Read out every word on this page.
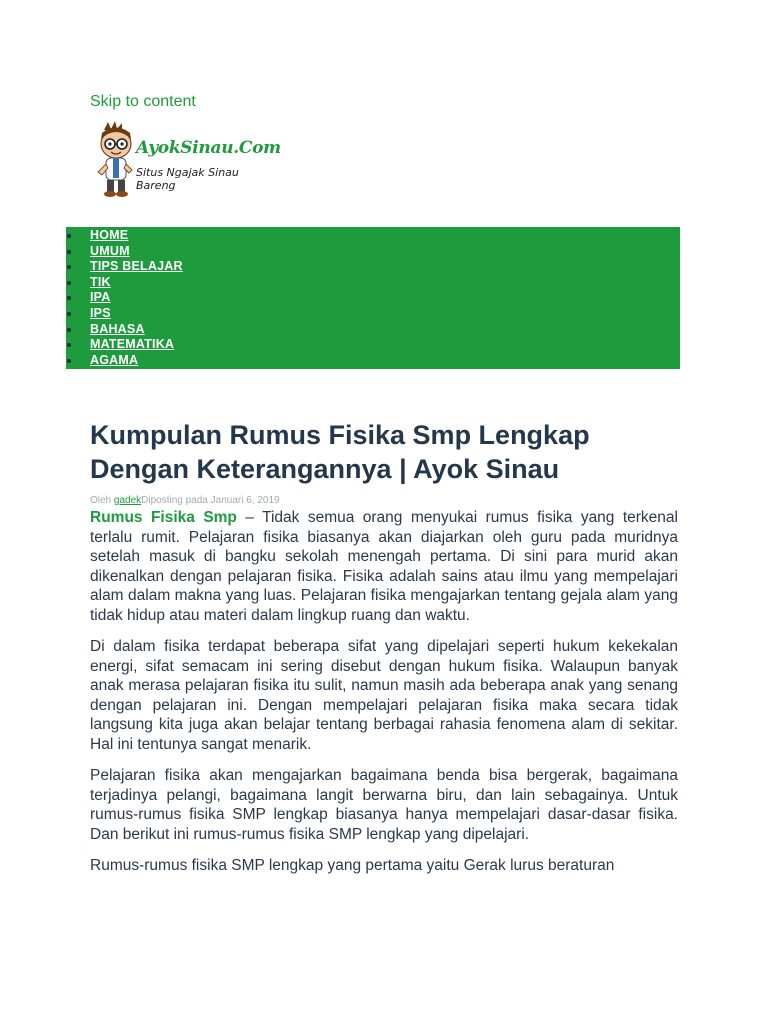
Skip to content
AyokSinau.Com
Situs Ngajak Sinau Bareng
HOME
UMUM
TIPS BELAJAR
TIK
IPA
IPS
BAHASA
MATEMATIKA
AGAMA
Kumpulan Rumus Fisika Smp Lengkap Dengan Keterangannya | Ayok Sinau
Oleh gadekDiposting pada Januari 6, 2019

Rumus Fisika Smp – Tidak semua orang menyukai rumus fisika yang terkenal terlalu rumit. Pelajaran fisika biasanya akan diajarkan oleh guru pada muridnya setelah masuk di bangku sekolah menengah pertama. Di sini para murid akan dikenalkan dengan pelajaran fisika. Fisika adalah sains atau ilmu yang mempelajari alam dalam makna yang luas. Pelajaran fisika mengajarkan tentang gejala alam yang tidak hidup atau materi dalam lingkup ruang dan waktu.

Di dalam fisika terdapat beberapa sifat yang dipelajari seperti hukum kekekalan energi, sifat semacam ini sering disebut dengan hukum fisika. Walaupun banyak anak merasa pelajaran fisika itu sulit, namun masih ada beberapa anak yang senang dengan pelajaran ini. Dengan mempelajari pelajaran fisika maka secara tidak langsung kita juga akan belajar tentang berbagai rahasia fenomena alam di sekitar. Hal ini tentunya sangat menarik.

Pelajaran fisika akan mengajarkan bagaimana benda bisa bergerak, bagaimana terjadinya pelangi, bagaimana langit berwarna biru, dan lain sebagainya. Untuk rumus-rumus fisika SMP lengkap biasanya hanya mempelajari dasar-dasar fisika. Dan berikut ini rumus-rumus fisika SMP lengkap yang dipelajari.

Rumus-rumus fisika SMP lengkap yang pertama yaitu Gerak lurus beraturan
